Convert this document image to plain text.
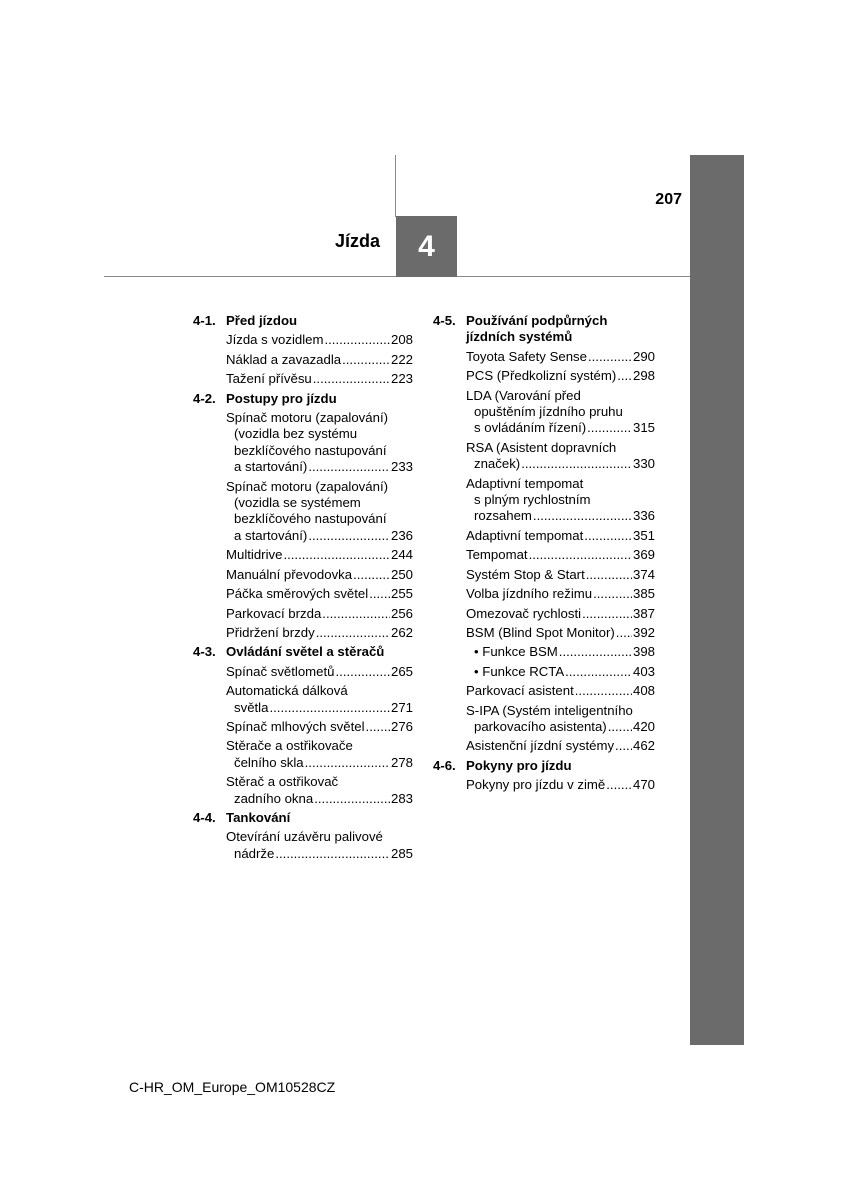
207
Jízda 4
4-1. Před jízdou
Jízda s vozidlem .....	208
Náklad a zavazadla .....	222
Tažení přívěsu .....	223
4-2. Postupy pro jízdu
Spínač motoru (zapalování)
(vozidla bez systému
bezklíčového nastupování
a startování) .....	233
Spínač motoru (zapalování)
(vozidla se systémem
bezklíčového nastupování
a startování) .....	236
Multidrive .....	244
Manuální převodovka .....	250
Páčka směrových světel ..... 255
Parkovací brzda .....	256
Přidržení brzdy .....	262
4-3. Ovládání světel a stěračů
Spínač světlometů .....	265
Automatická dálková
světla .....	271
Spínač mlhových světel ..... 276
Stěrače a ostřikovače
čelního skla .....	278
Stěrač a ostřikovač
zadního okna .....	283
4-4. Tankování
Otevírání uzávěru palivové
nádrže .....	285
4-5. Používání podpůrných jízdních systémů
Toyota Safety Sense .....	290
PCS (Předkolizní systém) ..... 298
LDA (Varování před
opuštěním jízdního pruhu
s ovládáním řízení) .....	315
RSA (Asistent dopravních
značek) .....	330
Adaptivní tempomat
s plným rychlostním
rozsahem .....	336
Adaptivní tempomat .....	351
Tempomat .....	369
Systém Stop & Start .....	374
Volba jízdního režimu .....	385
Omezovač rychlosti .....	387
BSM (Blind Spot Monitor) ..... 392
• Funkce BSM .....	398
• Funkce RCTA .....	403
Parkovací asistent .....	408
S-IPA (Systém inteligentního
parkovacího asistenta) ..... 420
Asistenční jízdní systémy ..... 462
4-6. Pokyny pro jízdu
Pokyny pro jízdu v zimě ..... 470
C-HR_OM_Europe_OM10528CZ
